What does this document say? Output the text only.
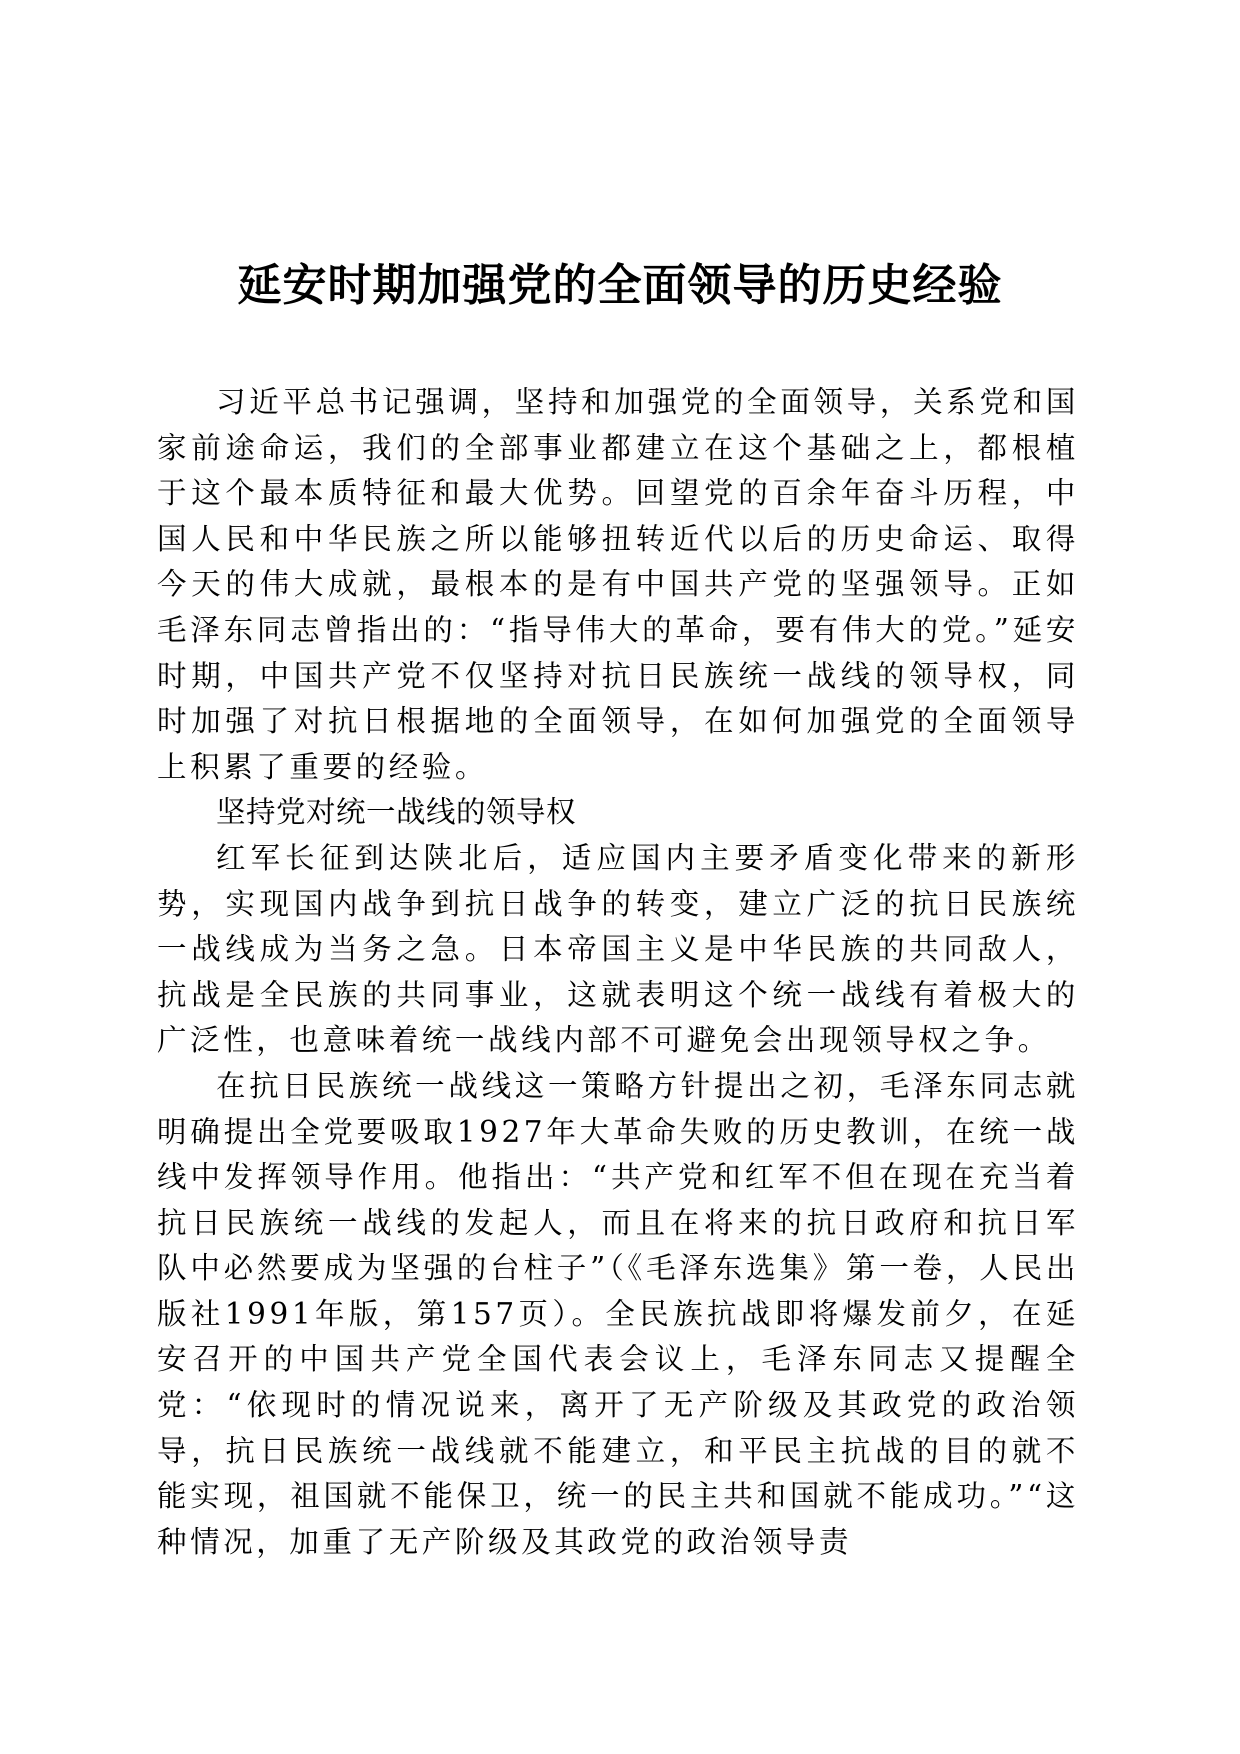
延安时期加强党的全面领导的历史经验

习近平总书记强调，坚持和加强党的全面领导，关系党和国家前途命运，我们的全部事业都建立在这个基础之上，都根植于这个最本质特征和最大优势。回望党的百余年奋斗历程，中国人民和中华民族之所以能够扭转近代以后的历史命运、取得今天的伟大成就，最根本的是有中国共产党的坚强领导。正如毛泽东同志曾指出的：“指导伟大的革命，要有伟大的党。”延安时期，中国共产党不仅坚持对抗日民族统一战线的领导权，同时加强了对抗日根据地的全面领导，在如何加强党的全面领导上积累了重要的经验。

坚持党对统一战线的领导权

红军长征到达陕北后，适应国内主要矛盾变化带来的新形势，实现国内战争到抗日战争的转变，建立广泛的抗日民族统一战线成为当务之急。日本帝国主义是中华民族的共同敌人，抗战是全民族的共同事业，这就表明这个统一战线有着极大的广泛性，也意味着统一战线内部不可避免会出现领导权之争。

在抗日民族统一战线这一策略方针提出之初，毛泽东同志就明确提出全党要吸取1927年大革命失败的历史教训，在统一战线中发挥领导作用。他指出：“共产党和红军不但在现在充当着抗日民族统一战线的发起人，而且在将来的抗日政府和抗日军队中必然要成为坚强的台柱子”（《毛泽东选集》第一卷，人民出版社1991年版，第157页）。全民族抗战即将爆发前夕，在延安召开的中国共产党全国代表会议上，毛泽东同志又提醒全党：“依现时的情况说来，离开了无产阶级及其政党的政治领导，抗日民族统一战线就不能建立，和平民主抗战的目的就不能实现，祖国就不能保卫，统一的民主共和国就不能成功。”“这种情况，加重了无产阶级及其政党的政治领导责
